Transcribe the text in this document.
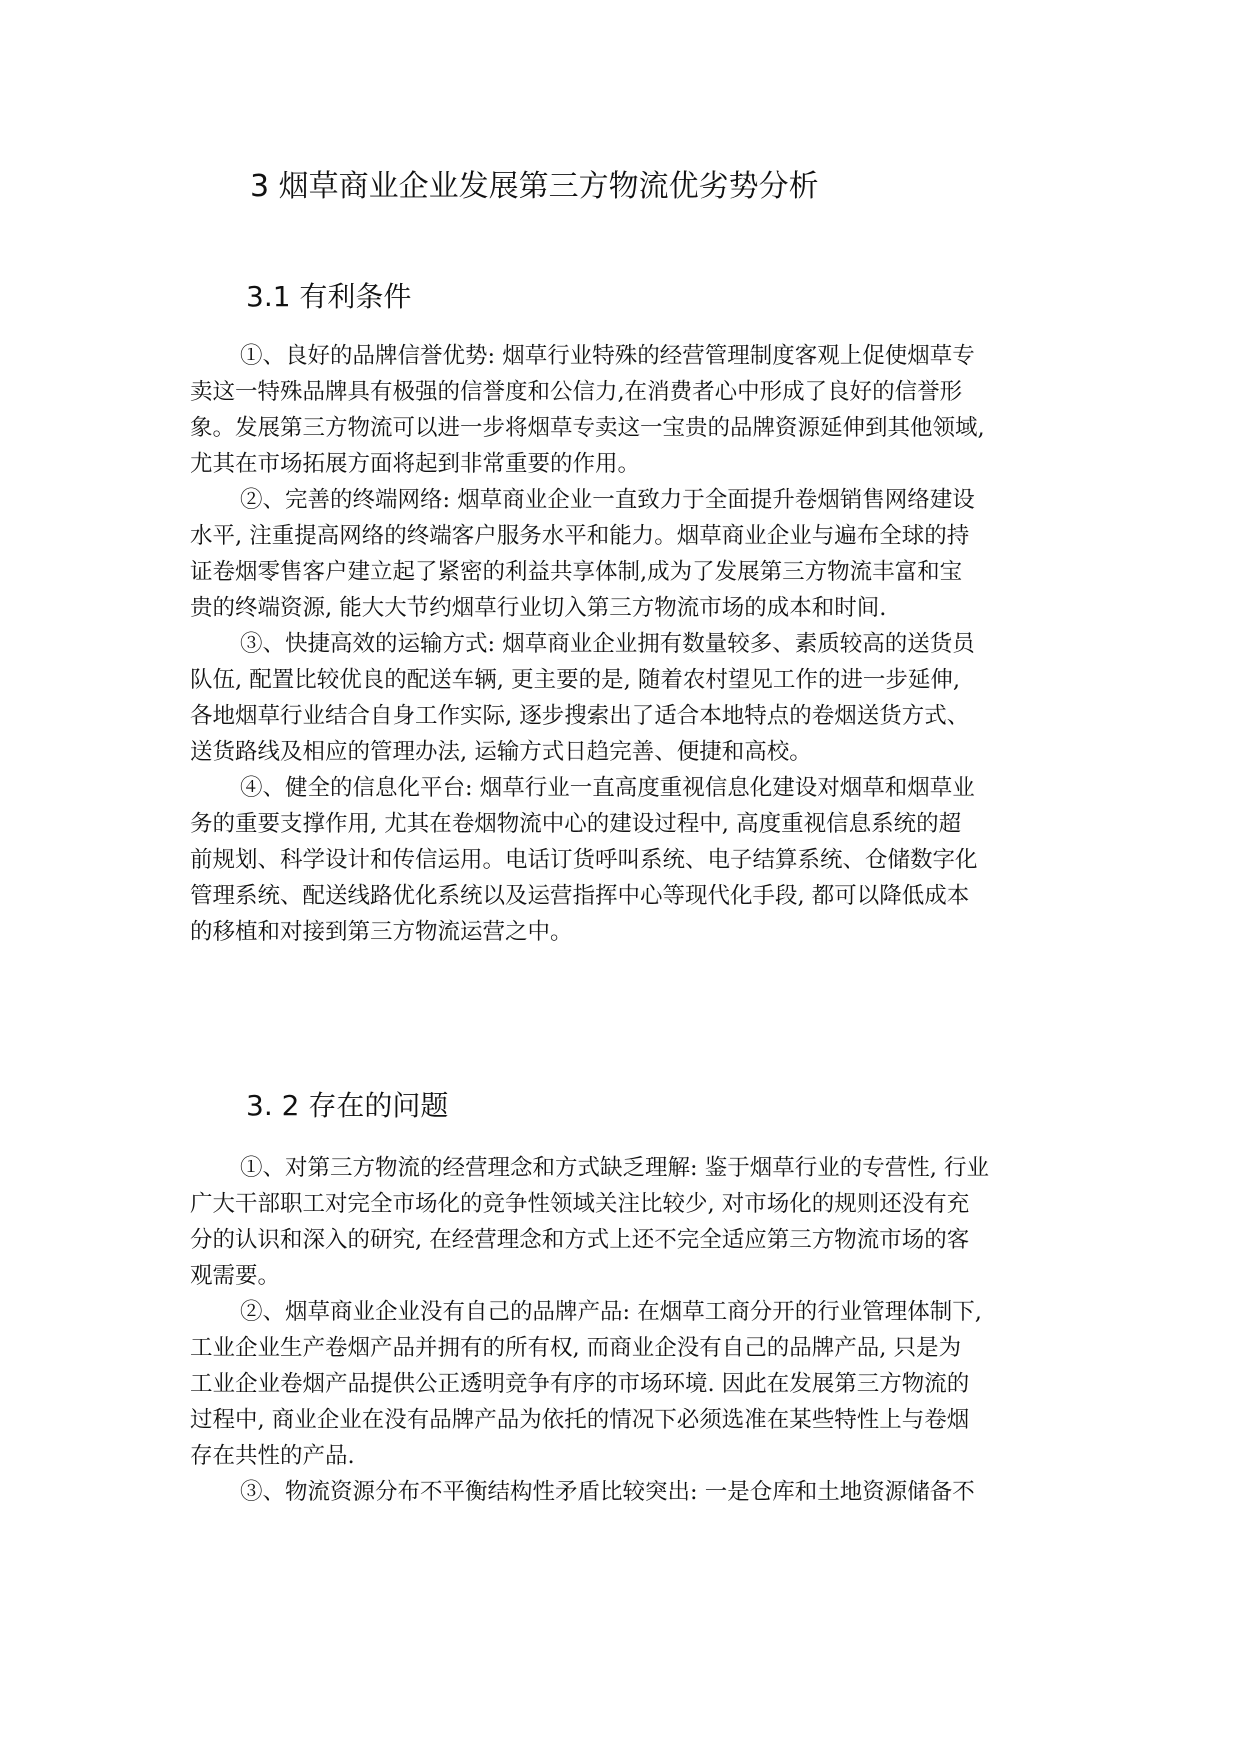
3 烟草商业企业发展第三方物流优劣势分析
3.1 有利条件

①、良好的品牌信誉优势: 烟草行业特殊的经营管理制度客观上促使烟草专
卖这一特殊品牌具有极强的信誉度和公信力,在消费者心中形成了良好的信誉形
象。发展第三方物流可以进一步将烟草专卖这一宝贵的品牌资源延伸到其他领域,
尤其在市场拓展方面将起到非常重要的作用。

②、完善的终端网络: 烟草商业企业一直致力于全面提升卷烟销售网络建设
水平, 注重提高网络的终端客户服务水平和能力。烟草商业企业与遍布全球的持
证卷烟零售客户建立起了紧密的利益共享体制,成为了发展第三方物流丰富和宝
贵的终端资源, 能大大节约烟草行业切入第三方物流市场的成本和时间.

③、快捷高效的运输方式: 烟草商业企业拥有数量较多、素质较高的送货员
队伍, 配置比较优良的配送车辆, 更主要的是, 随着农村望见工作的进一步延伸,
各地烟草行业结合自身工作实际, 逐步搜索出了适合本地特点的卷烟送货方式、
送货路线及相应的管理办法, 运输方式日趋完善、便捷和高校。

④、健全的信息化平台: 烟草行业一直高度重视信息化建设对烟草和烟草业
务的重要支撑作用, 尤其在卷烟物流中心的建设过程中, 高度重视信息系统的超
前规划、科学设计和传信运用。电话订货呼叫系统、电子结算系统、仓储数字化
管理系统、配送线路优化系统以及运营指挥中心等现代化手段, 都可以降低成本
的移植和对接到第三方物流运营之中。

3. 2 存在的问题

①、对第三方物流的经营理念和方式缺乏理解: 鉴于烟草行业的专营性, 行业
广大干部职工对完全市场化的竞争性领域关注比较少, 对市场化的规则还没有充
分的认识和深入的研究, 在经营理念和方式上还不完全适应第三方物流市场的客
观需要。

②、烟草商业企业没有自己的品牌产品: 在烟草工商分开的行业管理体制下,
工业企业生产卷烟产品并拥有的所有权, 而商业企没有自己的品牌产品, 只是为
工业企业卷烟产品提供公正透明竞争有序的市场环境. 因此在发展第三方物流的
过程中, 商业企业在没有品牌产品为依托的情况下必须选准在某些特性上与卷烟
存在共性的产品.

③、物流资源分布不平衡结构性矛盾比较突出: 一是仓库和土地资源储备不
